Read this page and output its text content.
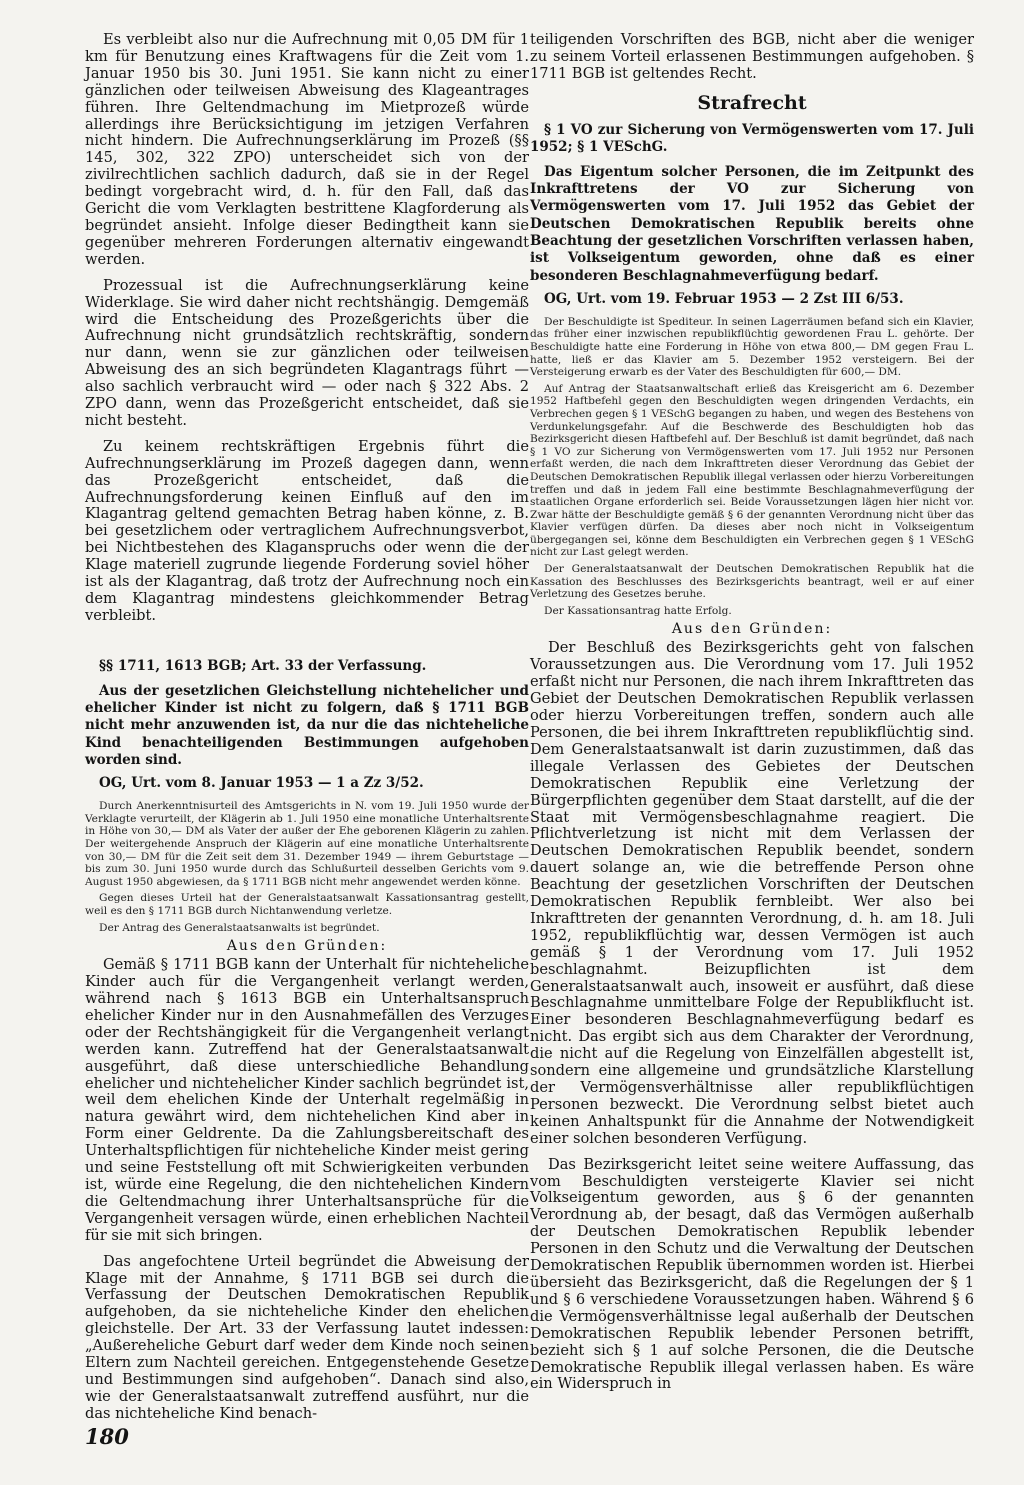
Es verbleibt also nur die Aufrechnung mit 0,05 DM für 1 km für Benutzung eines Kraftwagens für die Zeit vom 1. Januar 1950 bis 30. Juni 1951. Sie kann nicht zu einer gänzlichen oder teilweisen Abweisung des Klageantrages führen. Ihre Geltendmachung im Mietprozeß würde allerdings ihre Berücksichtigung im jetzigen Verfahren nicht hindern. Die Aufrechnungserklärung im Prozeß (§§ 145, 302, 322 ZPO) unterscheidet sich von der zivilrechtlichen sachlich dadurch, daß sie in der Regel bedingt vorgebracht wird, d. h. für den Fall, daß das Gericht die vom Verklagten bestrittene Klagforderung als begründet ansieht. Infolge dieser Bedingtheit kann sie gegenüber mehreren Forderungen alternativ eingewandt werden.

Prozessual ist die Aufrechnungserklärung keine Widerklage. Sie wird daher nicht rechtshängig. Demgemäß wird die Entscheidung des Prozeßgerichts über die Aufrechnung nicht grundsätzlich rechtskräftig, sondern nur dann, wenn sie zur gänzlichen oder teilweisen Abweisung des an sich begründeten Klagantrags führt — also sachlich verbraucht wird — oder nach § 322 Abs. 2 ZPO dann, wenn das Prozeßgericht entscheidet, daß sie nicht besteht.

Zu keinem rechtskräftigen Ergebnis führt die Aufrechnungserklärung im Prozeß dagegen dann, wenn das Prozeßgericht entscheidet, daß die Aufrechnungsforderung keinen Einfluß auf den im Klagantrag geltend gemachten Betrag haben könne, z. B. bei gesetzlichem oder vertraglichem Aufrechnungsverbot, bei Nichtbestehen des Klaganspruchs oder wenn die der Klage materiell zugrunde liegende Forderung soviel höher ist als der Klagantrag, daß trotz der Aufrechnung noch ein dem Klagantrag mindestens gleichkommender Betrag verbleibt.

§§ 1711, 1613 BGB; Art. 33 der Verfassung.

Aus der gesetzlichen Gleichstellung nichtehelicher und ehelicher Kinder ist nicht zu folgern, daß § 1711 BGB nicht mehr anzuwenden ist, da nur die das nichteheliche Kind benachteiligenden Bestimmungen aufgehoben worden sind.

OG, Urt. vom 8. Januar 1953 — 1 a Zz 3/52.

Durch Anerkenntnisurteil des Amtsgerichts in N. vom 19. Juli 1950 wurde der Verklagte verurteilt, der Klägerin ab 1. Juli 1950 eine monatliche Unterhaltsrente in Höhe von 30,— DM als Vater der außer der Ehe geborenen Klägerin zu zahlen. Der weitergehende Anspruch der Klägerin auf eine monatliche Unterhaltsrente von 30,— DM für die Zeit seit dem 31. Dezember 1949 — ihrem Geburtstage — bis zum 30. Juni 1950 wurde durch das Schlußurteil desselben Gerichts vom 9. August 1950 abgewiesen, da § 1711 BGB nicht mehr angewendet werden könne.

Gegen dieses Urteil hat der Generalstaatsanwalt Kassationsantrag gestellt, weil es den § 1711 BGB durch Nichtanwendung verletze.

Der Antrag des Generalstaatsanwalts ist begründet.

Aus den Gründen:

Gemäß § 1711 BGB kann der Unterhalt für nichteheliche Kinder auch für die Vergangenheit verlangt werden, während nach § 1613 BGB ein Unterhaltsanspruch ehelicher Kinder nur in den Ausnahmefällen des Verzuges oder der Rechtshängigkeit für die Vergangenheit verlangt werden kann. Zutreffend hat der Generalstaatsanwalt ausgeführt, daß diese unterschiedliche Behandlung ehelicher und nichtehelicher Kinder sachlich begründet ist, weil dem ehelichen Kinde der Unterhalt regelmäßig in natura gewährt wird, dem nichtehelichen Kind aber in Form einer Geldrente. Da die Zahlungsbereitschaft des Unterhaltspflichtigen für nichteheliche Kinder meist gering und seine Feststellung oft mit Schwierigkeiten verbunden ist, würde eine Regelung, die den nichtehelichen Kindern die Geltendmachung ihrer Unterhaltsansprüche für die Vergangenheit versagen würde, einen erheblichen Nachteil für sie mit sich bringen.

Das angefochtene Urteil begründet die Abweisung der Klage mit der Annahme, § 1711 BGB sei durch die Verfassung der Deutschen Demokratischen Republik aufgehoben, da sie nichteheliche Kinder den ehelichen gleichstelle. Der Art. 33 der Verfassung lautet indessen: „Außereheliche Geburt darf weder dem Kinde noch seinen Eltern zum Nachteil gereichen. Entgegenstehende Gesetze und Bestimmungen sind aufgehoben“. Danach sind also, wie der Generalstaatsanwalt zutreffend ausführt, nur die das nichteheliche Kind benach-

teiligenden Vorschriften des BGB, nicht aber die weniger zu seinem Vorteil erlassenen Bestimmungen aufgehoben. § 1711 BGB ist geltendes Recht.

Strafrecht

§ 1 VO zur Sicherung von Vermögenswerten vom 17. Juli 1952; § 1 VESchG.

Das Eigentum solcher Personen, die im Zeitpunkt des Inkrafttretens der VO zur Sicherung von Vermögenswerten vom 17. Juli 1952 das Gebiet der Deutschen Demokratischen Republik bereits ohne Beachtung der gesetzlichen Vorschriften verlassen haben, ist Volkseigentum geworden, ohne daß es einer besonderen Beschlagnahmeverfügung bedarf.

OG, Urt. vom 19. Februar 1953 — 2 Zst III 6/53.

Der Beschuldigte ist Spediteur. In seinen Lagerräumen befand sich ein Klavier, das früher einer inzwischen republikflüchtig gewordenen Frau L. gehörte. Der Beschuldigte hatte eine Forderung in Höhe von etwa 800,— DM gegen Frau L. hatte, ließ er das Klavier am 5. Dezember 1952 versteigern. Bei der Versteigerung erwarb es der Vater des Beschuldigten für 600,— DM.

Auf Antrag der Staatsanwaltschaft erließ das Kreisgericht am 6. Dezember 1952 Haftbefehl gegen den Beschuldigten wegen dringenden Verdachts, ein Verbrechen gegen § 1 VESchG begangen zu haben, und wegen des Bestehens von Verdunkelungsgefahr. Auf die Beschwerde des Beschuldigten hob das Bezirksgericht diesen Haftbefehl auf. Der Beschluß ist damit begründet, daß nach § 1 VO zur Sicherung von Vermögenswerten vom 17. Juli 1952 nur Personen erfaßt werden, die nach dem Inkrafttreten dieser Verordnung das Gebiet der Deutschen Demokratischen Republik illegal verlassen oder hierzu Vorbereitungen treffen und daß in jedem Fall eine bestimmte Beschlagnahmeverfügung der staatlichen Organe erforderlich sei. Beide Voraussetzungen lägen hier nicht vor. Zwar hätte der Beschuldigte gemäß § 6 der genannten Verordnung nicht über das Klavier verfügen dürfen. Da dieses aber noch nicht in Volkseigentum übergegangen sei, könne dem Beschuldigten ein Verbrechen gegen § 1 VESchG nicht zur Last gelegt werden.

Der Generalstaatsanwalt der Deutschen Demokratischen Republik hat die Kassation des Beschlusses des Bezirksgerichts beantragt, weil er auf einer Verletzung des Gesetzes beruhe.

Der Kassationsantrag hatte Erfolg.

Aus den Gründen:

Der Beschluß des Bezirksgerichts geht von falschen Voraussetzungen aus. Die Verordnung vom 17. Juli 1952 erfaßt nicht nur Personen, die nach ihrem Inkrafttreten das Gebiet der Deutschen Demokratischen Republik verlassen oder hierzu Vorbereitungen treffen, sondern auch alle Personen, die bei ihrem Inkrafttreten republikflüchtig sind. Dem Generalstaatsanwalt ist darin zuzustimmen, daß das illegale Verlassen des Gebietes der Deutschen Demokratischen Republik eine Verletzung der Bürgerpflichten gegenüber dem Staat darstellt, auf die der Staat mit Vermögensbeschlagnahme reagiert. Die Pflichtverletzung ist nicht mit dem Verlassen der Deutschen Demokratischen Republik beendet, sondern dauert solange an, wie die betreffende Person ohne Beachtung der gesetzlichen Vorschriften der Deutschen Demokratischen Republik fernbleibt. Wer also bei Inkrafttreten der genannten Verordnung, d. h. am 18. Juli 1952, republikflüchtig war, dessen Vermögen ist auch gemäß § 1 der Verordnung vom 17. Juli 1952 beschlagnahmt. Beizupflichten ist dem Generalstaatsanwalt auch, insoweit er ausführt, daß diese Beschlagnahme unmittelbare Folge der Republikflucht ist. Einer besonderen Beschlagnahmeverfügung bedarf es nicht. Das ergibt sich aus dem Charakter der Verordnung, die nicht auf die Regelung von Einzelfällen abgestellt ist, sondern eine allgemeine und grundsätzliche Klarstellung der Vermögensverhältnisse aller republikflüchtigen Personen bezweckt. Die Verordnung selbst bietet auch keinen Anhaltspunkt für die Annahme der Notwendigkeit einer solchen besonderen Verfügung.

Das Bezirksgericht leitet seine weitere Auffassung, das vom Beschuldigten versteigerte Klavier sei nicht Volkseigentum geworden, aus § 6 der genannten Verordnung ab, der besagt, daß das Vermögen außerhalb der Deutschen Demokratischen Republik lebender Personen in den Schutz und die Verwaltung der Deutschen Demokratischen Republik übernommen worden ist. Hierbei übersieht das Bezirksgericht, daß die Regelungen der § 1 und § 6 verschiedene Voraussetzungen haben. Während § 6 die Vermögensverhältnisse legal außerhalb der Deutschen Demokratischen Republik lebender Personen betrifft, bezieht sich § 1 auf solche Personen, die die Deutsche Demokratische Republik illegal verlassen haben. Es wäre ein Widerspruch in

180
